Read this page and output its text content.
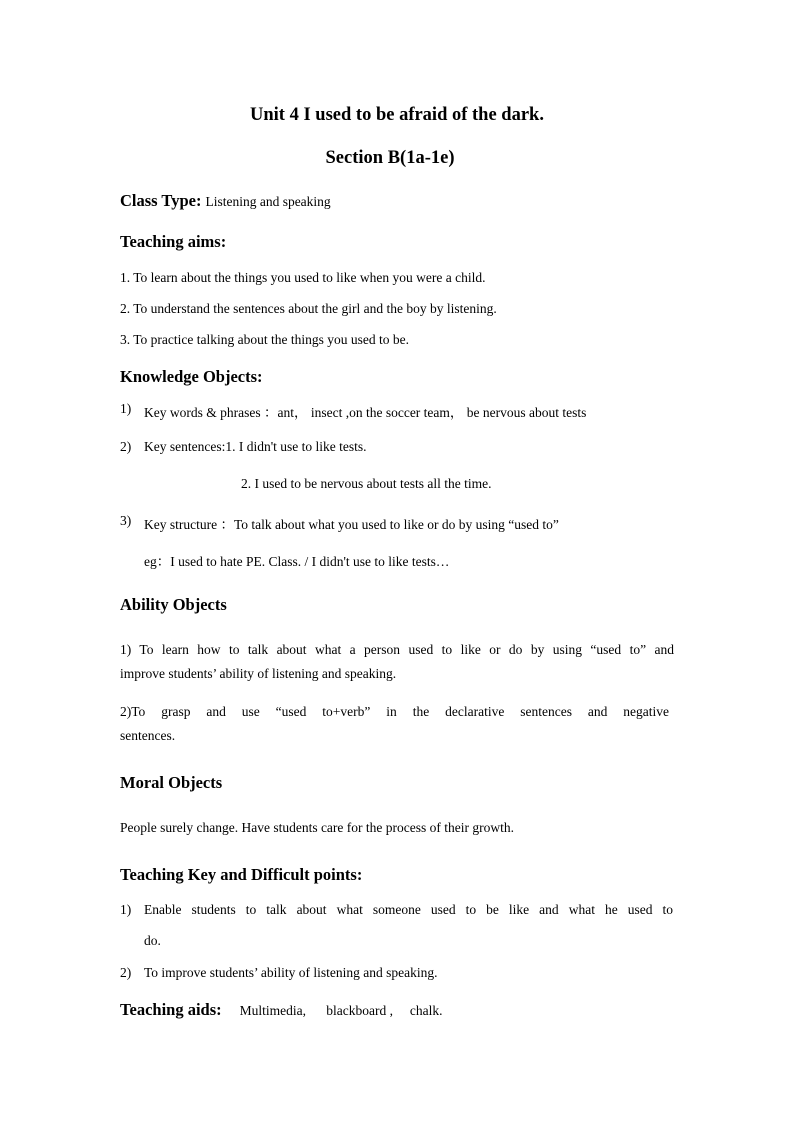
Unit 4 I used to be afraid of the dark.
Section B(1a-1e)
Class Type: Listening and speaking
Teaching aims:
1. To learn about the things you used to like when you were a child.
2. To understand the sentences about the girl and the boy by listening.
3. To practice talking about the things you used to be.
Knowledge Objects:
1) Key words & phrases ：ant， insect ,on the soccer team， be nervous about tests
2) Key sentences:1. I didn't use to like tests.
2. I used to be nervous about tests all the time.
3) Key structure ：To talk about what you used to like or do by using “used to”
eg：I used to hate PE. Class. / I didn't use to like tests…
Ability Objects
1) To learn how to talk about what a person used to like or do by using “used to” and
improve students’ ability of listening and speaking.
2)To grasp and use “used to+verb” in the declarative sentences and negative
sentences.
Moral Objects
People surely change. Have students care for the process of their growth.
Teaching Key and Difficult points:
1) Enable students to talk about what someone used to be like and what he used to
do.
2) To improve students’ ability of listening and speaking.
Teaching aids: Multimedia,      blackboard ,     chalk.
